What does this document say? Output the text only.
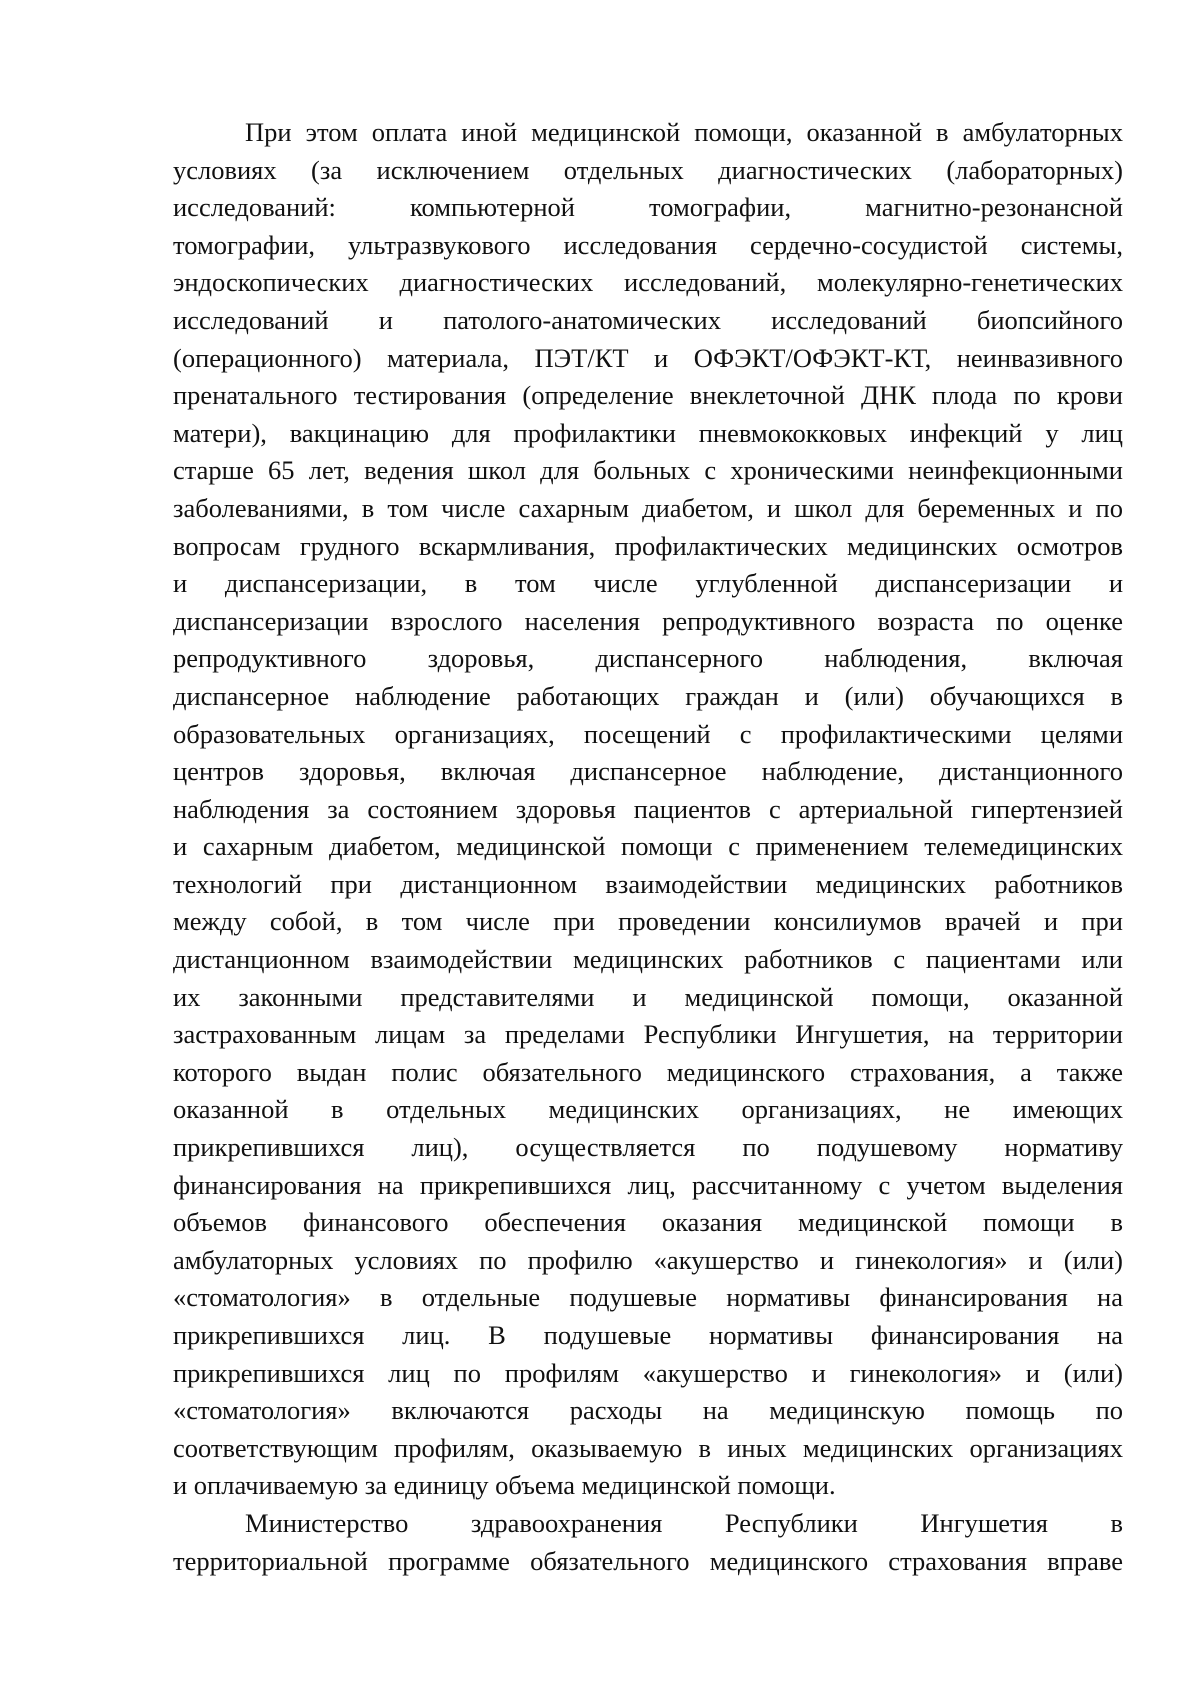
При этом оплата иной медицинской помощи, оказанной в амбулаторных
условиях (за исключением отдельных диагностических (лабораторных)
исследований: компьютерной томографии, магнитно-резонансной
томографии, ультразвукового исследования сердечно-сосудистой системы,
эндоскопических диагностических исследований, молекулярно-генетических
исследований и патолого-анатомических исследований биопсийного
(операционного) материала, ПЭТ/КТ и ОФЭКТ/ОФЭКТ-КТ, неинвазивного
пренатального тестирования (определение внеклеточной ДНК плода по крови
матери), вакцинацию для профилактики пневмококковых инфекций у лиц
старше 65 лет, ведения школ для больных с хроническими неинфекционными
заболеваниями, в том числе сахарным диабетом, и школ для беременных и по
вопросам грудного вскармливания, профилактических медицинских осмотров
и диспансеризации, в том числе углубленной диспансеризации и
диспансеризации взрослого населения репродуктивного возраста по оценке
репродуктивного здоровья, диспансерного наблюдения, включая
диспансерное наблюдение работающих граждан и (или) обучающихся в
образовательных организациях, посещений с профилактическими целями
центров здоровья, включая диспансерное наблюдение, дистанционного
наблюдения за состоянием здоровья пациентов с артериальной гипертензией
и сахарным диабетом, медицинской помощи с применением телемедицинских
технологий при дистанционном взаимодействии медицинских работников
между собой, в том числе при проведении консилиумов врачей и при
дистанционном взаимодействии медицинских работников с пациентами или
их законными представителями и медицинской помощи, оказанной
застрахованным лицам за пределами Республики Ингушетия, на территории
которого выдан полис обязательного медицинского страхования, а также
оказанной в отдельных медицинских организациях, не имеющих
прикрепившихся лиц), осуществляется по подушевому нормативу
финансирования на прикрепившихся лиц, рассчитанному с учетом выделения
объемов финансового обеспечения оказания медицинской помощи в
амбулаторных условиях по профилю «акушерство и гинекология» и (или)
«стоматология» в отдельные подушевые нормативы финансирования на
прикрепившихся лиц. В подушевые нормативы финансирования на
прикрепившихся лиц по профилям «акушерство и гинекология» и (или)
«стоматология» включаются расходы на медицинскую помощь по
соответствующим профилям, оказываемую в иных медицинских организациях
и оплачиваемую за единицу объема медицинской помощи.
Министерство здравоохранения Республики Ингушетия в
территориальной программе обязательного медицинского страхования вправе
